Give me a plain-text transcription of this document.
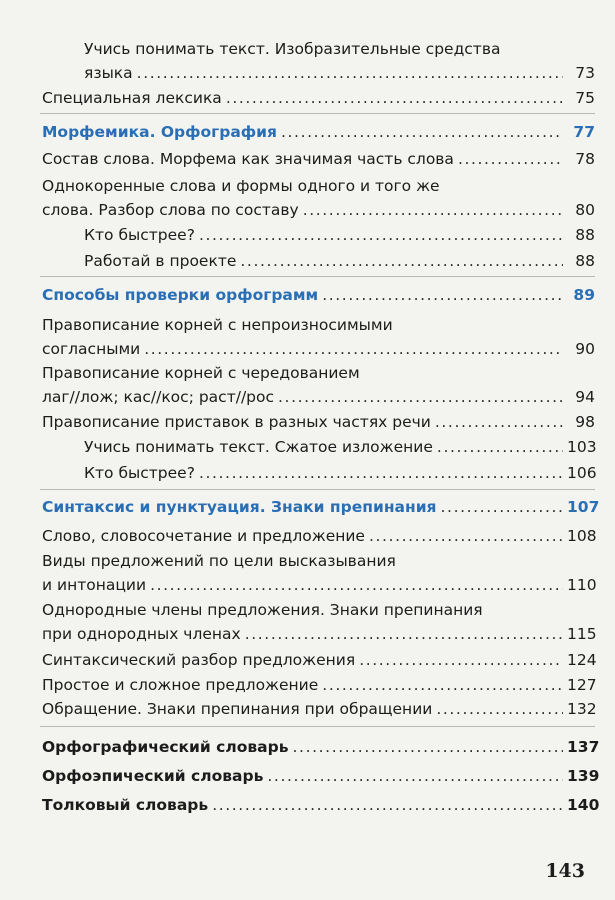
Учись понимать текст. Изобразительные средства
языка .....	73
Специальная лексика .....	75
Морфемика. Орфография .....	77
Состав слова. Морфема как значимая часть слова .....	78
Однокоренные слова и формы одного и того же
слова. Разбор слова по составу .....	80
Кто быстрее? .....	88
Работай в проекте .....	88
Способы проверки орфограмм .....	89
Правописание корней с непроизносимыми
согласными .....	90
Правописание корней с чередованием
лаг//лож; кас//кос; раст//рос .....	94
Правописание приставок в разных частях речи .....	98
Учись понимать текст. Сжатое изложение .....	103
Кто быстрее? .....	106
Синтаксис и пунктуация. Знаки препинания .....	107
Слово, словосочетание и предложение .....	108
Виды предложений по цели высказывания
и интонации .....	110
Однородные члены предложения. Знаки препинания
при однородных членах .....	115
Синтаксический разбор предложения .....	124
Простое и сложное предложение .....	127
Обращение. Знаки препинания при обращении .....	132
Орфографический словарь .....	137
Орфоэпический словарь .....	139
Толковый словарь .....	140
143
